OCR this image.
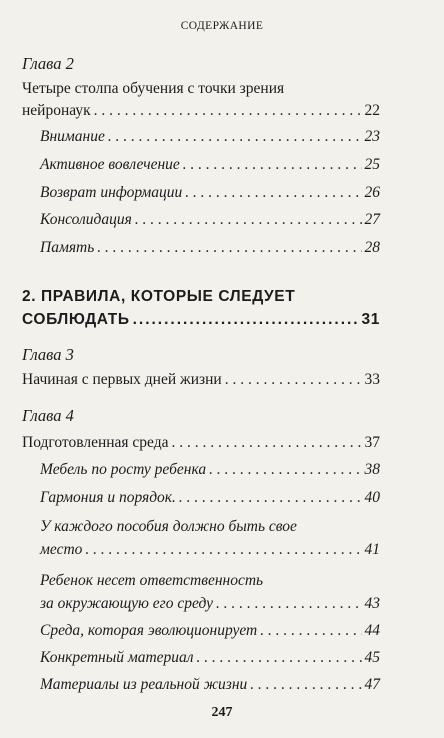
СОДЕРЖАНИЕ
Глава 2
Четыре столпа обучения с точки зрения
нейронаук . . .	22
Внимание . . .	23
Активное вовлечение . . .	25
Возврат информации . . .	26
Консолидация . . .	27
Память . . .	28
2. ПРАВИЛА, КОТОРЫЕ СЛЕДУЕТ
СОБЛЮДАТЬ .....	31
Глава 3
Начиная с первых дней жизни . . .	33
Глава 4
Подготовленная среда . . .	37
Мебель по росту ребенка . . .	38
Гармония и порядок. . . .	40
У каждого пособия должно быть свое
место . . .	41
Ребенок несет ответственность
за окружающую его среду . . .	43
Среда, которая эволюционирует . . .	44
Конкретный материал . . .	45
Материалы из реальной жизни . . .	47
247
